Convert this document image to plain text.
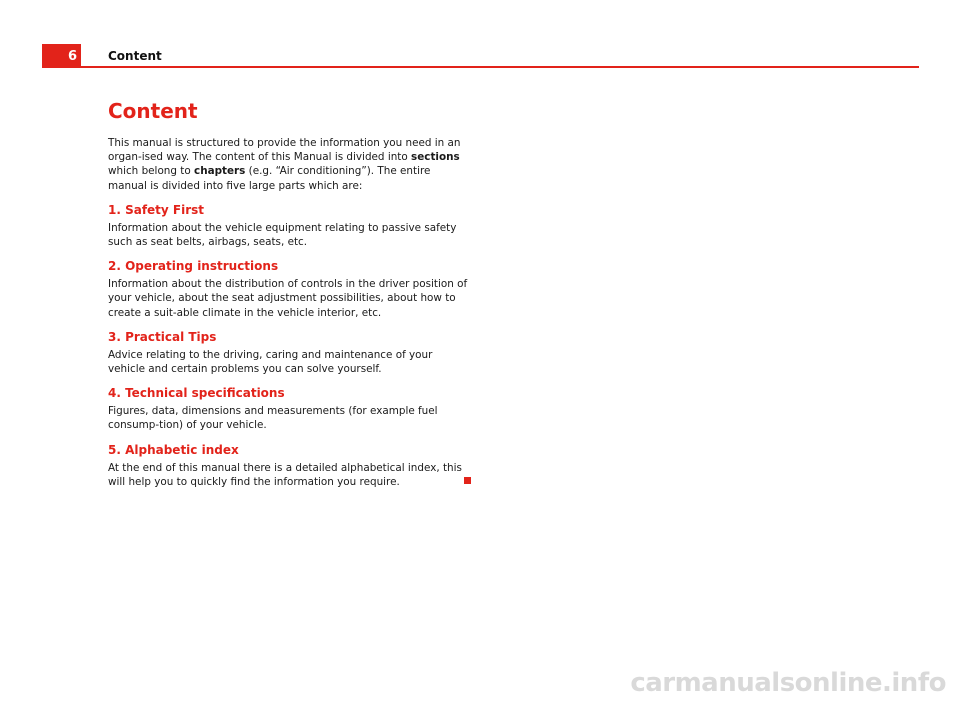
6	Content
Content

This manual is structured to provide the information you need in an organ-ised way. The content of this Manual is divided into sections which belong to chapters (e.g. “Air conditioning”). The entire manual is divided into five large parts which are:

1. Safety First

Information about the vehicle equipment relating to passive safety such as seat belts, airbags, seats, etc.

2. Operating instructions

Information about the distribution of controls in the driver position of your vehicle, about the seat adjustment possibilities, about how to create a suit-able climate in the vehicle interior, etc.

3. Practical Tips

Advice relating to the driving, caring and maintenance of your vehicle and certain problems you can solve yourself.

4. Technical specifications

Figures, data, dimensions and measurements (for example fuel consump-tion) of your vehicle.

5. Alphabetic index

At the end of this manual there is a detailed alphabetical index, this will help you to quickly find the information you require.

carmanualsonline.info
